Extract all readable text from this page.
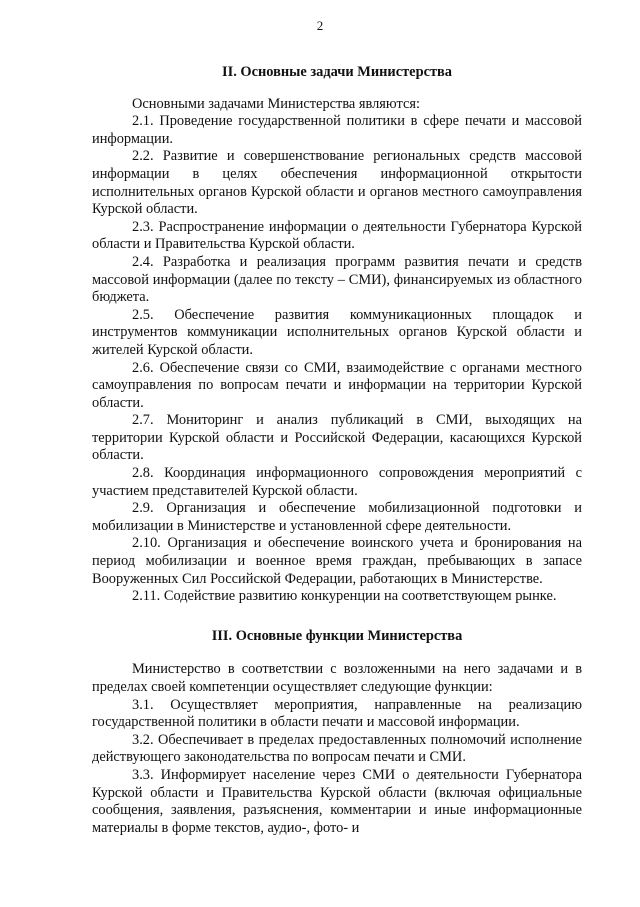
2
II. Основные задачи Министерства

Основными задачами Министерства являются:

2.1. Проведение государственной политики в сфере печати и массовой информации.

2.2. Развитие и совершенствование региональных средств массовой информации в целях обеспечения информационной открытости исполнительных органов Курской области и органов местного самоуправления Курской области.

2.3. Распространение информации о деятельности Губернатора Курской области и Правительства Курской области.

2.4. Разработка и реализация программ развития печати и средств массовой информации (далее по тексту – СМИ), финансируемых из областного бюджета.

2.5. Обеспечение развития коммуникационных площадок и инструментов коммуникации исполнительных органов Курской области и жителей Курской области.

2.6. Обеспечение связи со СМИ, взаимодействие с органами местного самоуправления по вопросам печати и информации на территории Курской области.

2.7. Мониторинг и анализ публикаций в СМИ, выходящих на территории Курской области и Российской Федерации, касающихся Курской области.

2.8. Координация информационного сопровождения мероприятий с участием представителей Курской области.

2.9. Организация и обеспечение мобилизационной подготовки и мобилизации в Министерстве и установленной сфере деятельности.

2.10. Организация и обеспечение воинского учета и бронирования на период мобилизации и военное время граждан, пребывающих в запасе Вооруженных Сил Российской Федерации, работающих в Министерстве.

2.11. Содействие развитию конкуренции на соответствующем рынке.

III. Основные функции Министерства

Министерство в соответствии с возложенными на него задачами и в пределах своей компетенции осуществляет следующие функции:

3.1. Осуществляет мероприятия, направленные на реализацию государственной политики в области печати и массовой информации.

3.2. Обеспечивает в пределах предоставленных полномочий исполнение действующего законодательства по вопросам печати и СМИ.

3.3. Информирует население через СМИ о деятельности Губернатора Курской области и Правительства Курской области (включая официальные сообщения, заявления, разъяснения, комментарии и иные информационные материалы в форме текстов, аудио-, фото- и
